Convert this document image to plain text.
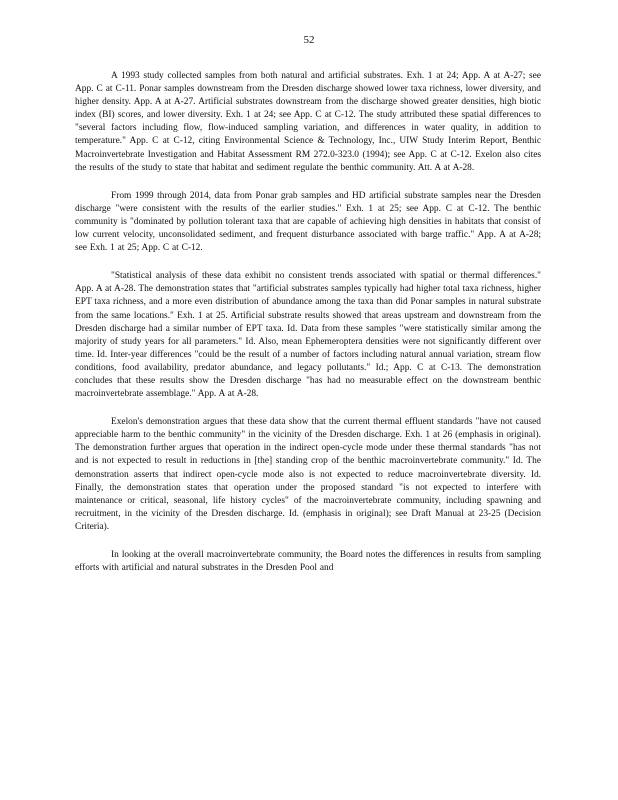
52

A 1993 study collected samples from both natural and artificial substrates. Exh. 1 at 24; App. A at A-27; see App. C at C-11. Ponar samples downstream from the Dresden discharge showed lower taxa richness, lower diversity, and higher density. App. A at A-27. Artificial substrates downstream from the discharge showed greater densities, high biotic index (BI) scores, and lower diversity. Exh. 1 at 24; see App. C at C-12. The study attributed these spatial differences to "several factors including flow, flow-induced sampling variation, and differences in water quality, in addition to temperature." App. C at C-12, citing Environmental Science & Technology, Inc., UIW Study Interim Report, Benthic Macroinvertebrate Investigation and Habitat Assessment RM 272.0-323.0 (1994); see App. C at C-12. Exelon also cites the results of the study to state that habitat and sediment regulate the benthic community. Att. A at A-28.

From 1999 through 2014, data from Ponar grab samples and HD artificial substrate samples near the Dresden discharge "were consistent with the results of the earlier studies." Exh. 1 at 25; see App. C at C-12. The benthic community is "dominated by pollution tolerant taxa that are capable of achieving high densities in habitats that consist of low current velocity, unconsolidated sediment, and frequent disturbance associated with barge traffic." App. A at A-28; see Exh. 1 at 25; App. C at C-12.

"Statistical analysis of these data exhibit no consistent trends associated with spatial or thermal differences." App. A at A-28. The demonstration states that "artificial substrates samples typically had higher total taxa richness, higher EPT taxa richness, and a more even distribution of abundance among the taxa than did Ponar samples in natural substrate from the same locations." Exh. 1 at 25. Artificial substrate results showed that areas upstream and downstream from the Dresden discharge had a similar number of EPT taxa. Id. Data from these samples "were statistically similar among the majority of study years for all parameters." Id. Also, mean Ephemeroptera densities were not significantly different over time. Id. Inter-year differences "could be the result of a number of factors including natural annual variation, stream flow conditions, food availability, predator abundance, and legacy pollutants." Id.; App. C at C-13. The demonstration concludes that these results show the Dresden discharge "has had no measurable effect on the downstream benthic macroinvertebrate assemblage." App. A at A-28.

Exelon's demonstration argues that these data show that the current thermal effluent standards "have not caused appreciable harm to the benthic community" in the vicinity of the Dresden discharge. Exh. 1 at 26 (emphasis in original). The demonstration further argues that operation in the indirect open-cycle mode under these thermal standards "has not and is not expected to result in reductions in [the] standing crop of the benthic macroinvertebrate community." Id. The demonstration asserts that indirect open-cycle mode also is not expected to reduce macroinvertebrate diversity. Id. Finally, the demonstration states that operation under the proposed standard "is not expected to interfere with maintenance or critical, seasonal, life history cycles" of the macroinvertebrate community, including spawning and recruitment, in the vicinity of the Dresden discharge. Id. (emphasis in original); see Draft Manual at 23-25 (Decision Criteria).

In looking at the overall macroinvertebrate community, the Board notes the differences in results from sampling efforts with artificial and natural substrates in the Dresden Pool and
